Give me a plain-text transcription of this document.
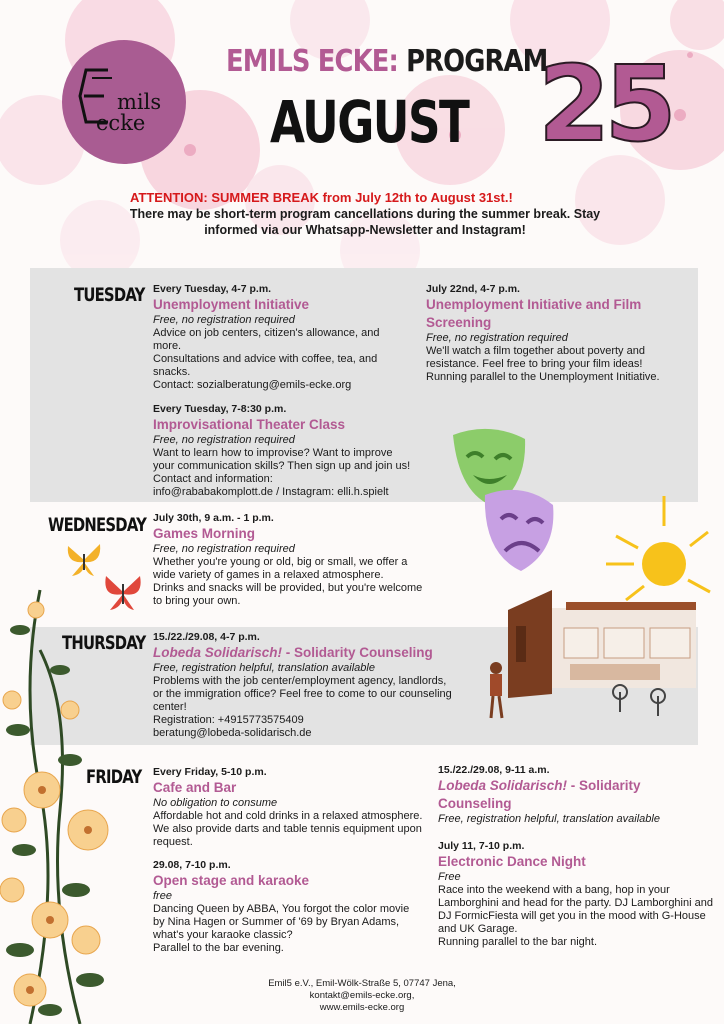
mils
ecke
EMILS ECKE: PROGRAM
AUGUST 25
ATTENTION: SUMMER BREAK from July 12th to August 31st.!
There may be short-term program cancellations during the summer break. Stay informed via our Whatsapp-Newsletter and Instagram!
TUESDAY
WEDNESDAY
THURSDAY
FRIDAY
Every Tuesday, 4-7 p.m.
Unemployment Initiative
Free, no registration required
Advice on job centers, citizen's allowance, and more.
Consultations and advice with coffee, tea, and snacks.
Contact: sozialberatung@emils-ecke.org
July 22nd, 4-7 p.m.
Unemployment Initiative and Film Screening
Free, no registration required
We'll watch a film together about poverty and resistance. Feel free to bring your film ideas!
Running parallel to the Unemployment Initiative.
Every Tuesday, 7-8:30 p.m.
Improvisational Theater Class
Free, no registration required
Want to learn how to improvise? Want to improve your communication skills? Then sign up and join us! Contact and information:
info@rababakomplott.de / Instagram: elli.h.spielt
July 30th, 9 a.m. - 1 p.m.
Games Morning
Free, no registration required
Whether you're young or old, big or small, we offer a wide variety of games in a relaxed atmosphere.
Drinks and snacks will be provided, but you're welcome to bring your own.
15./22./29.08, 4-7 p.m.
Lobeda Solidarisch! - Solidarity Counseling
Free, registration helpful, translation available
Problems with the job center/employment agency, landlords, or the immigration office? Feel free to come to our counseling center!
Registration: +4915773575409
beratung@lobeda-solidarisch.de
Every Friday, 5-10 p.m.
Cafe and Bar
No obligation to consume
Affordable hot and cold drinks in a relaxed atmosphere. We also provide darts and table tennis equipment upon request.
15./22./29.08, 9-11 a.m.
Lobeda Solidarisch! - Solidarity Counseling
Free, registration helpful, translation available
29.08, 7-10 p.m.
Open stage and karaoke
free
Dancing Queen by ABBA, You forgot the color movie by Nina Hagen or Summer of '69 by Bryan Adams, what's your karaoke classic?
Parallel to the bar evening.
July 11, 7-10 p.m.
Electronic Dance Night
Free
Race into the weekend with a bang, hop in your Lamborghini and head for the party. DJ Lamborghini and DJ FormicFiesta will get you in the mood with G-House and UK Garage.
Running parallel to the bar night.
Emil5 e.V., Emil-Wölk-Straße 5, 07747 Jena,
kontakt@emils-ecke.org,
www.emils-ecke.org
